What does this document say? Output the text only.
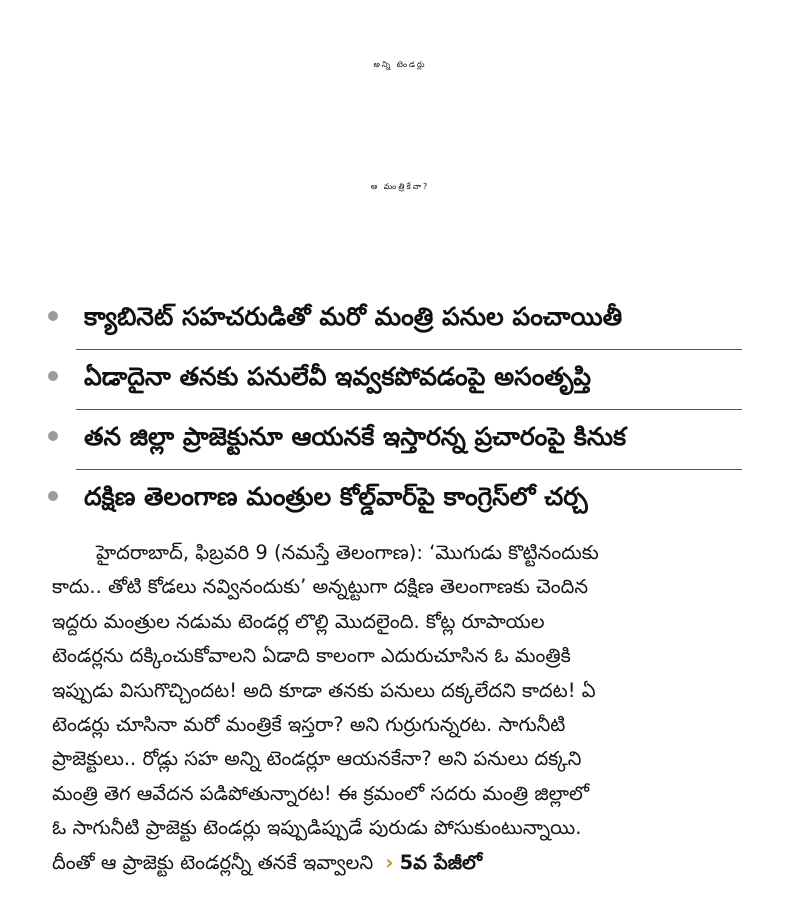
అన్ని టెండర్లు
ఆ మంత్రికేనా?
క్యాబినెట్ సహచరుడితో మరో మంత్రి పనుల పంచాయితీ
ఏడాదైనా తనకు పనులేవీ ఇవ్వకపోవడంపై అసంతృప్తి
తన జిల్లా ప్రాజెక్టునూ ఆయనకే ఇస్తారన్న ప్రచారంపై కినుక
దక్షిణ తెలంగాణ మంత్రుల కోల్డ్‌వార్‌పై కాంగ్రెస్‌లో చర్చ
హైదరాబాద్, ఫిబ్రవరి 9 (నమస్తే తెలంగాణ): ‘మొగుడు కొట్టినందుకు
కాదు.. తోటి కోడలు నవ్వినందుకు’ అన్నట్టుగా దక్షిణ తెలంగాణకు చెందిన
ఇద్దరు మంత్రుల నడుమ టెండర్ల లొల్లి మొదలైంది. కోట్ల రూపాయల
టెండర్లను దక్కించుకోవాలని ఏడాది కాలంగా ఎదురుచూసిన ఓ మంత్రికి
ఇప్పుడు విసుగొచ్చిందట! అది కూడా తనకు పనులు దక్కలేదని కాదట! ఏ
టెండర్లు చూసినా మరో మంత్రికే ఇస్తరా? అని గుర్రుగున్నరట. సాగునీటి
ప్రాజెక్టులు.. రోడ్లు సహ అన్ని టెండర్లూ ఆయనకేనా? అని పనులు దక్కని
మంత్రి తెగ ఆవేదన పడిపోతున్నారట! ఈ క్రమంలో సదరు మంత్రి జిల్లాలో
ఓ సాగునీటి ప్రాజెక్టు టెండర్లు ఇప్పుడిప్పుడే పురుడు పోసుకుంటున్నాయి.
దీంతో ఆ ప్రాజెక్టు టెండర్లన్నీ తనకే ఇవ్వాలని › 5వ పేజీలో
